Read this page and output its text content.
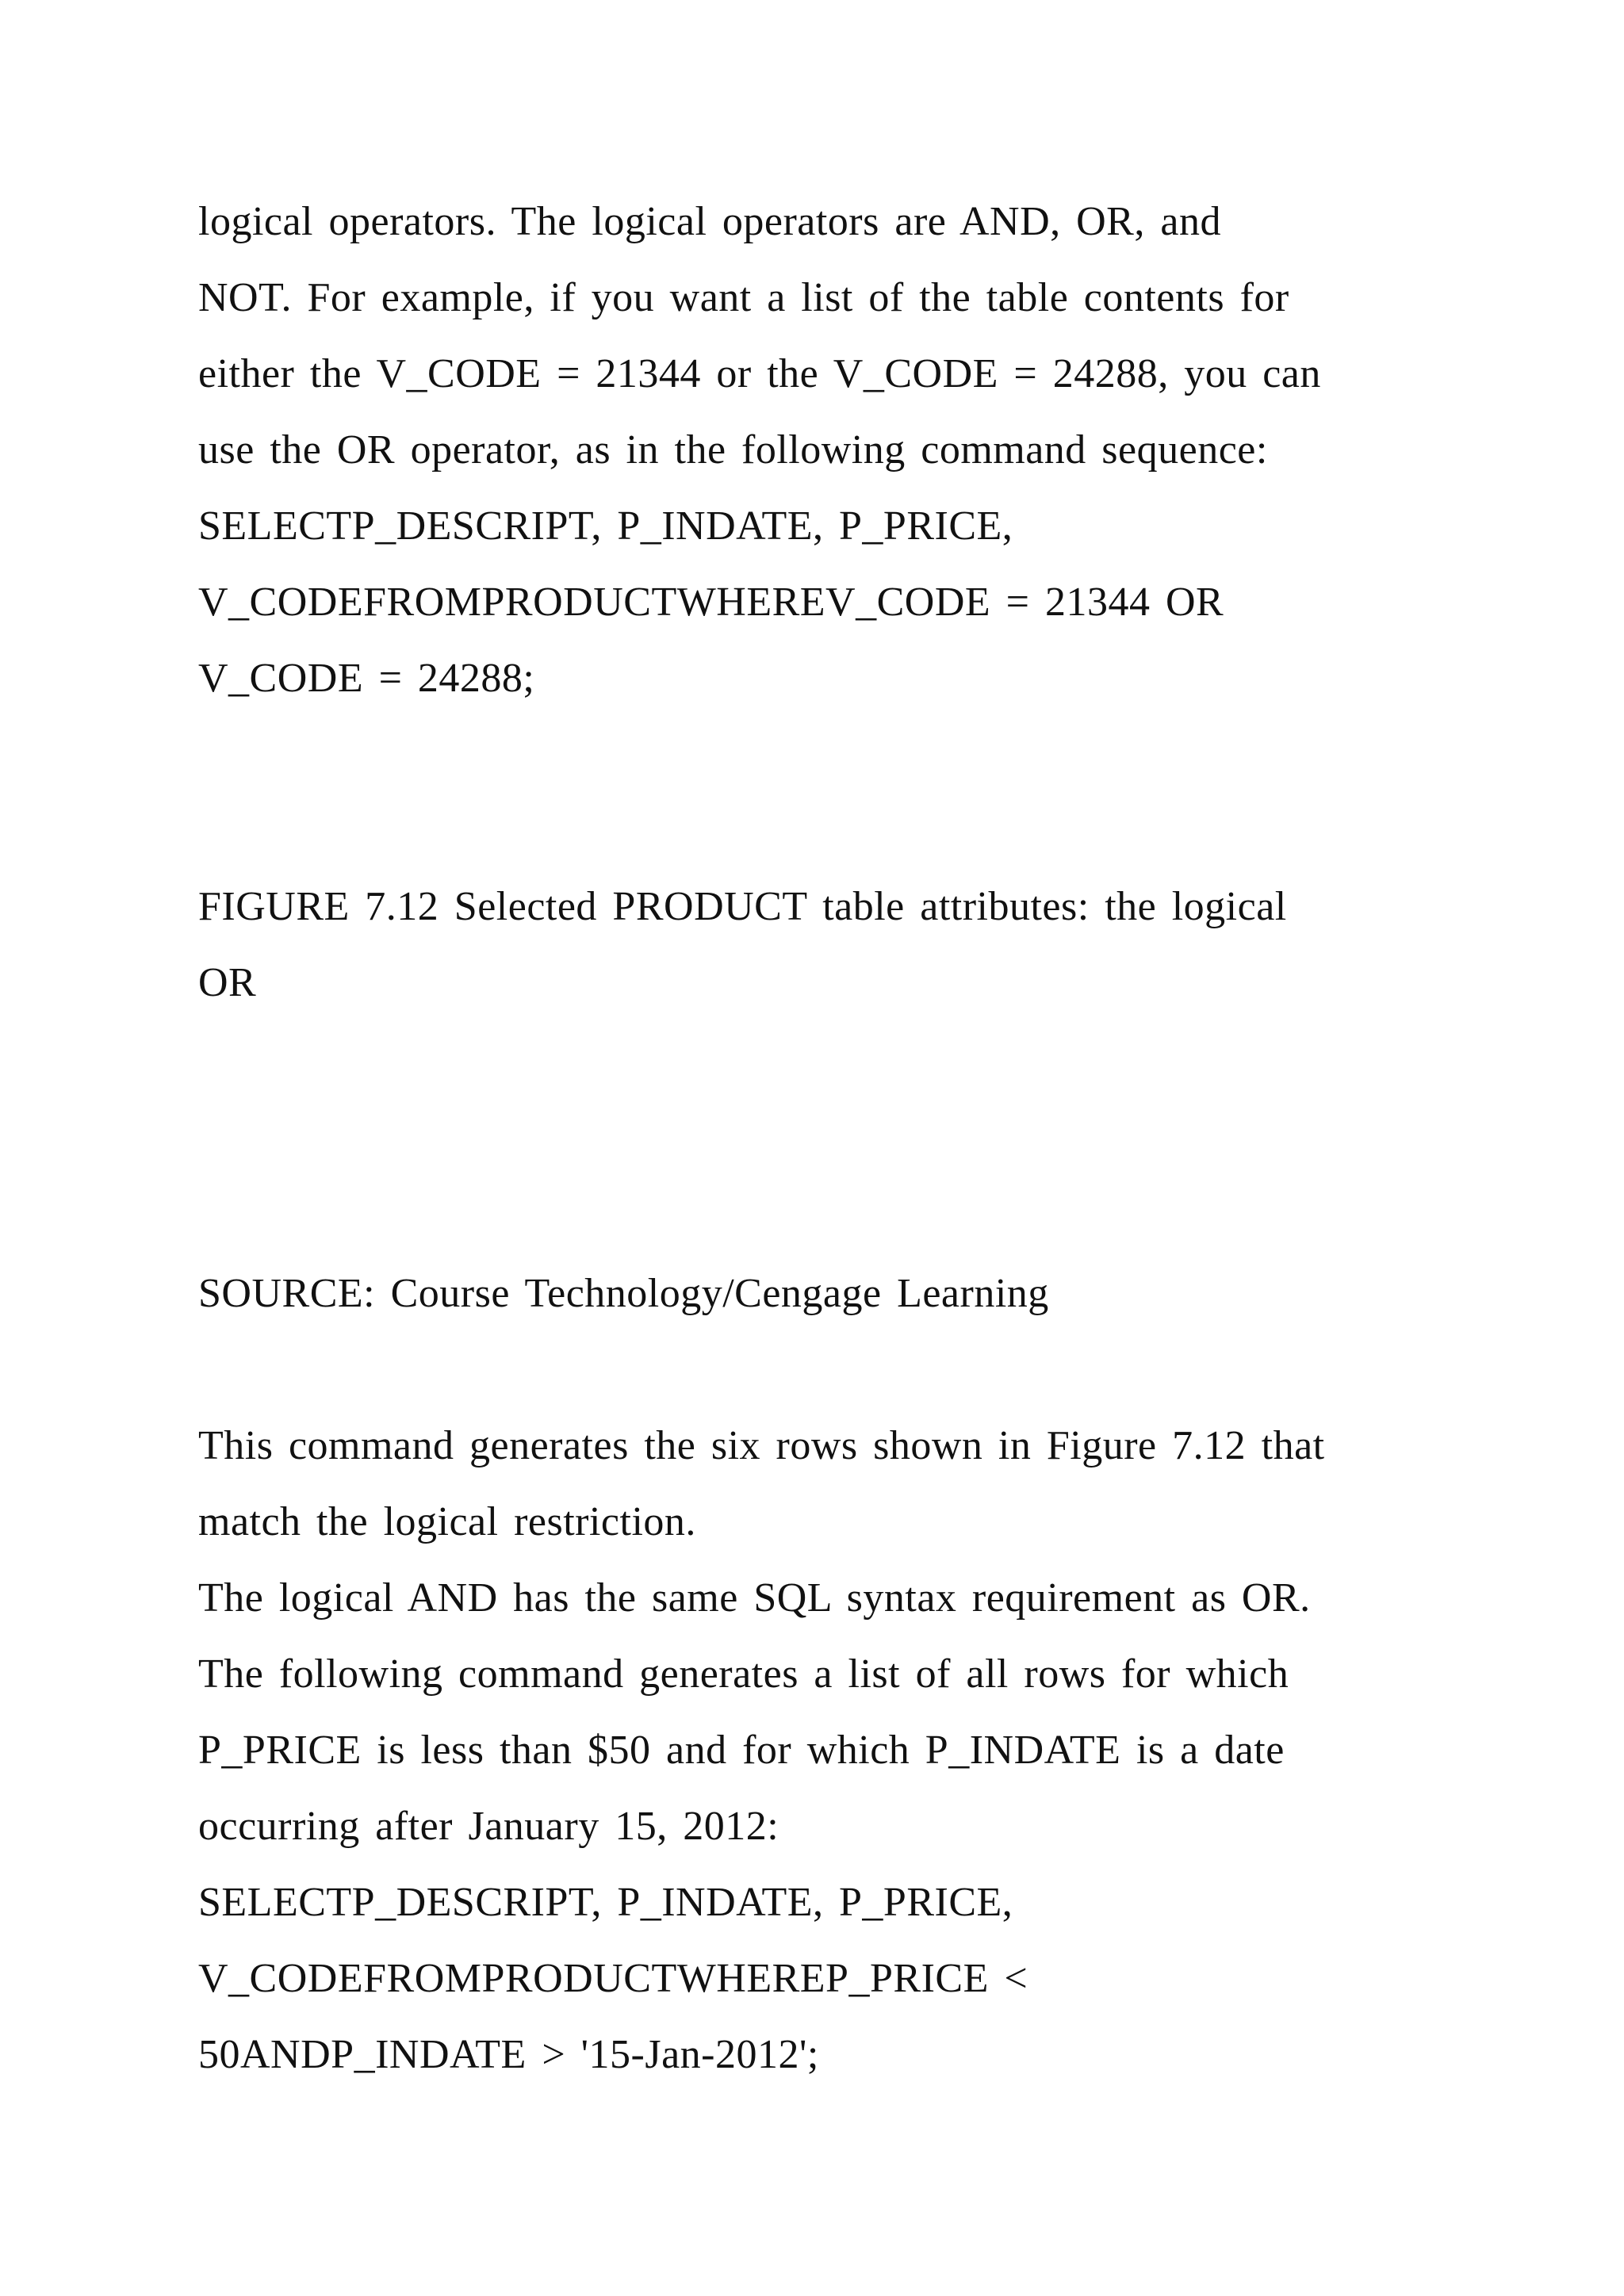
logical operators. The logical operators are AND, OR, and
NOT. For example, if you want a list of the table contents for
either the V_CODE = 21344 or the V_CODE = 24288, you can
use the OR operator, as in the following command sequence:
SELECTP_DESCRIPT, P_INDATE, P_PRICE,
V_CODEFROMPRODUCTWHEREV_CODE = 21344 OR
V_CODE = 24288;
FIGURE 7.12 Selected PRODUCT table attributes: the logical
OR
SOURCE: Course Technology/Cengage Learning
This command generates the six rows shown in Figure 7.12 that
match the logical restriction.
The logical AND has the same SQL syntax requirement as OR.
The following command generates a list of all rows for which
P_PRICE is less than $50 and for which P_INDATE is a date
occurring after January 15, 2012:
SELECTP_DESCRIPT, P_INDATE, P_PRICE,
V_CODEFROMPRODUCTWHEREP_PRICE <
50ANDP_INDATE > '15-Jan-2012';
